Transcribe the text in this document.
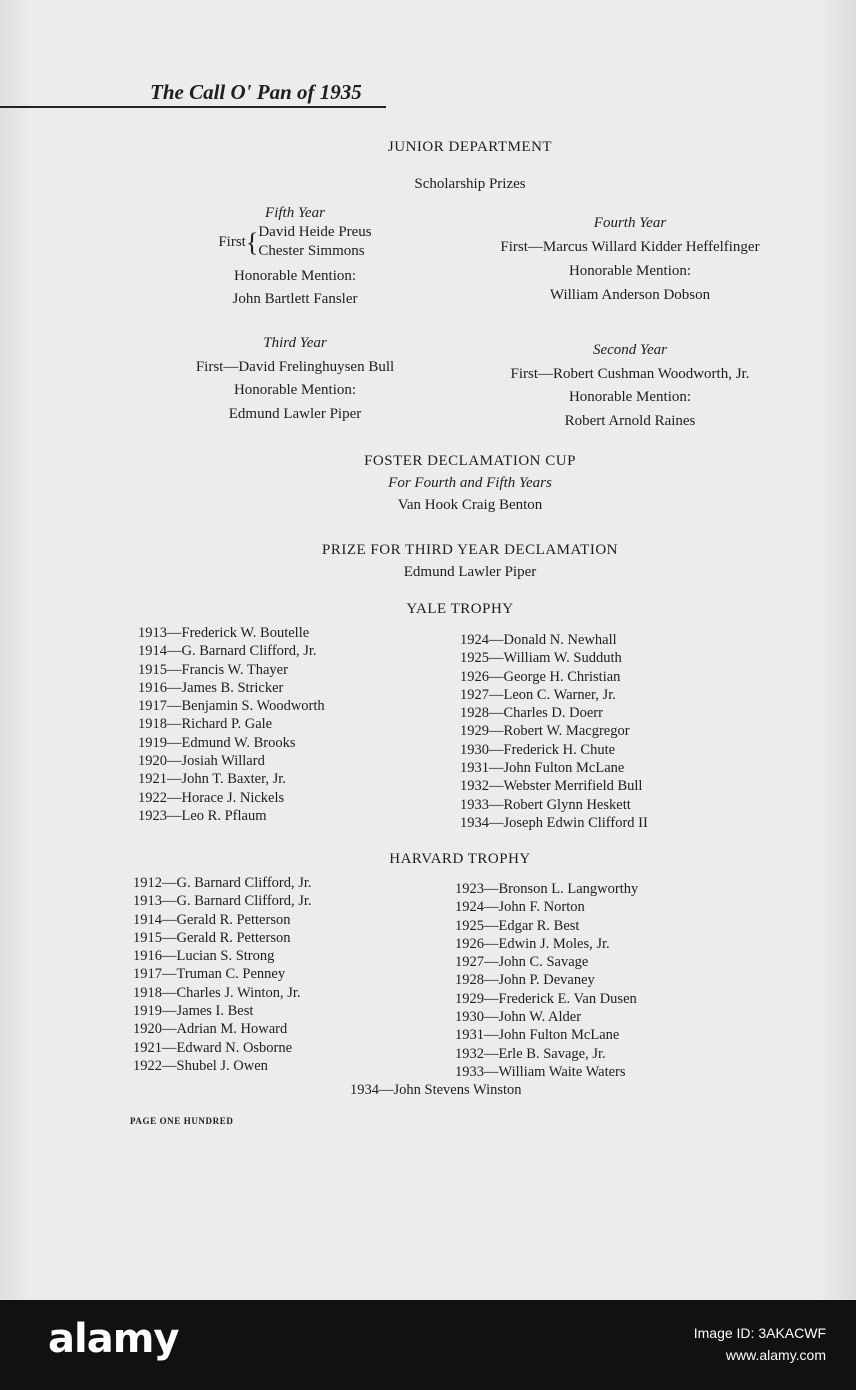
The Call O' Pan of 1935
JUNIOR DEPARTMENT
Scholarship Prizes
Fifth Year
First { David Heide Preus
Chester Simmons
Honorable Mention:
John Bartlett Fansler
Fourth Year
First—Marcus Willard Kidder Heffelfinger
Honorable Mention:
William Anderson Dobson
Third Year
First—David Frelinghuysen Bull
Honorable Mention:
Edmund Lawler Piper
Second Year
First—Robert Cushman Woodworth, Jr.
Honorable Mention:
Robert Arnold Raines
FOSTER DECLAMATION CUP
For Fourth and Fifth Years
Van Hook Craig Benton
PRIZE FOR THIRD YEAR DECLAMATION
Edmund Lawler Piper
YALE TROPHY
1913—Frederick W. Boutelle
1914—G. Barnard Clifford, Jr.
1915—Francis W. Thayer
1916—James B. Stricker
1917—Benjamin S. Woodworth
1918—Richard P. Gale
1919—Edmund W. Brooks
1920—Josiah Willard
1921—John T. Baxter, Jr.
1922—Horace J. Nickels
1923—Leo R. Pflaum
1924—Donald N. Newhall
1925—William W. Sudduth
1926—George H. Christian
1927—Leon C. Warner, Jr.
1928—Charles D. Doerr
1929—Robert W. Macgregor
1930—Frederick H. Chute
1931—John Fulton McLane
1932—Webster Merrifield Bull
1933—Robert Glynn Heskett
1934—Joseph Edwin Clifford II
HARVARD TROPHY
1912—G. Barnard Clifford, Jr.
1913—G. Barnard Clifford, Jr.
1914—Gerald R. Petterson
1915—Gerald R. Petterson
1916—Lucian S. Strong
1917—Truman C. Penney
1918—Charles J. Winton, Jr.
1919—James I. Best
1920—Adrian M. Howard
1921—Edward N. Osborne
1922—Shubel J. Owen
1923—Bronson L. Langworthy
1924—John F. Norton
1925—Edgar R. Best
1926—Edwin J. Moles, Jr.
1927—John C. Savage
1928—John P. Devaney
1929—Frederick E. Van Dusen
1930—John W. Alder
1931—John Fulton McLane
1932—Erle B. Savage, Jr.
1933—William Waite Waters
1934—John Stevens Winston
PAGE ONE HUNDRED
alamy	Image ID: 3AKACWF
www.alamy.com
